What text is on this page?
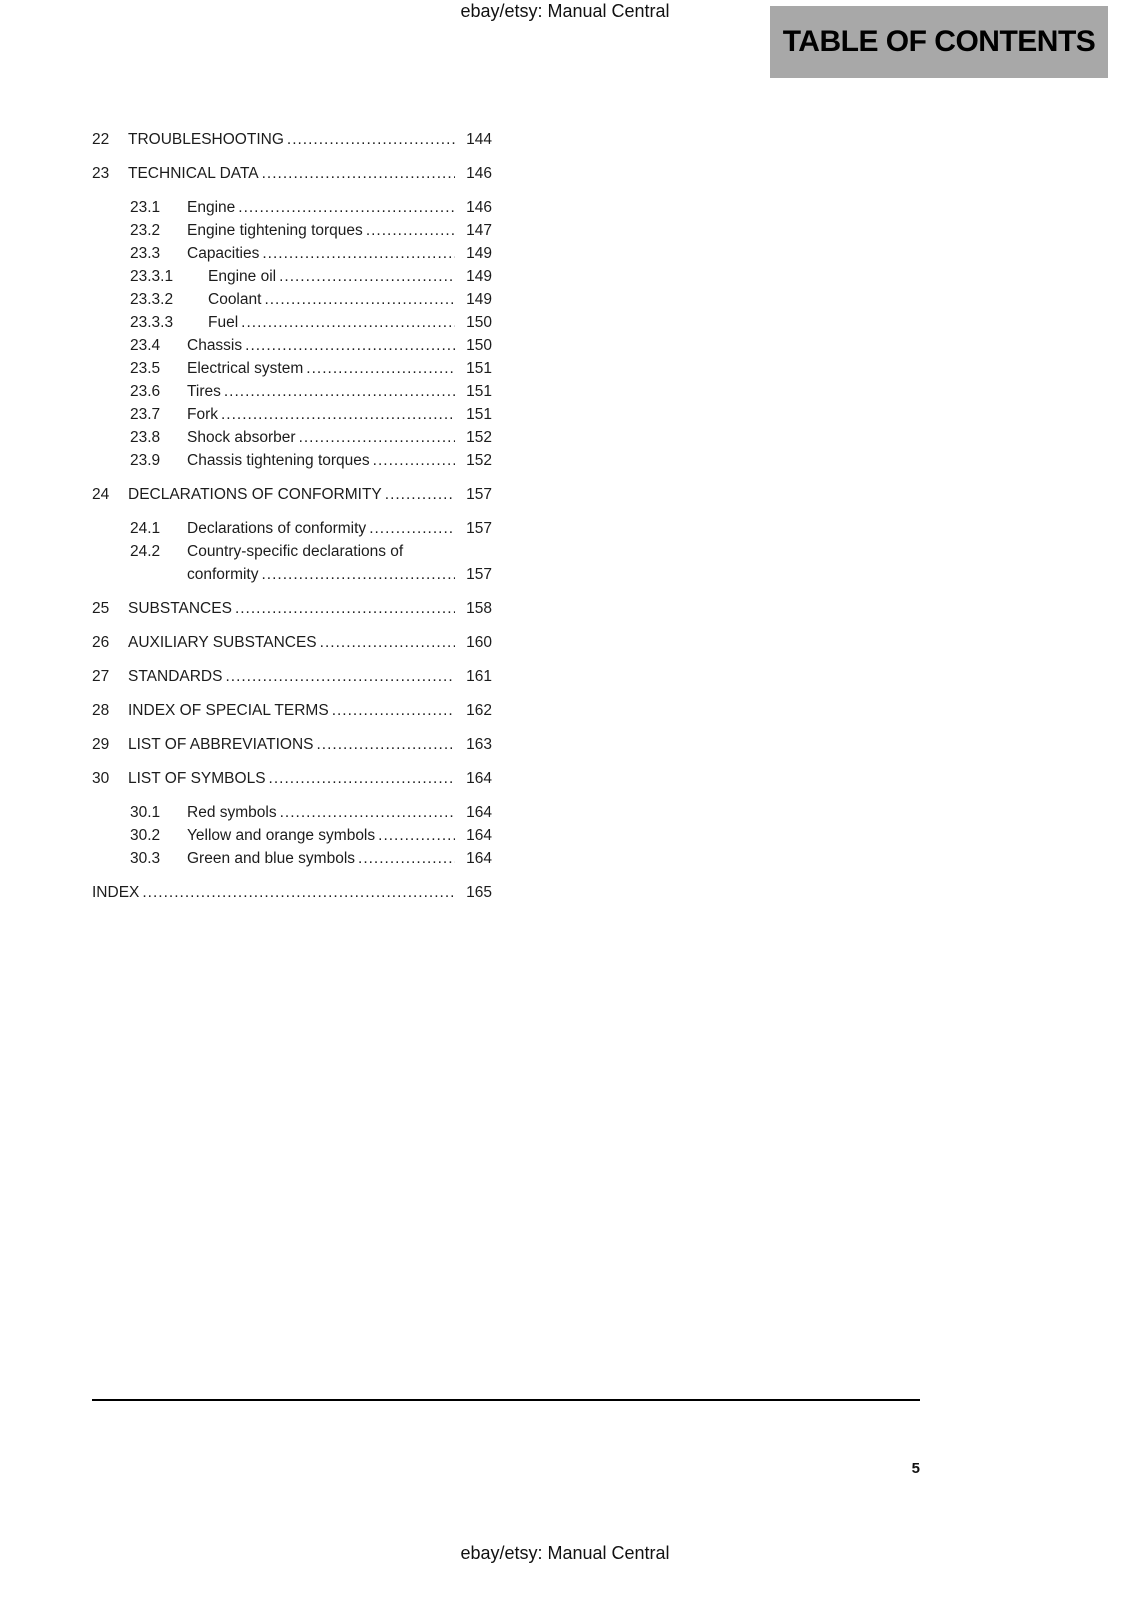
ebay/etsy: Manual Central
TABLE OF CONTENTS
22	TROUBLESHOOTING .....	144
23	TECHNICAL DATA .....	146
23.1	Engine .....	146
23.2	Engine tightening torques .....	147
23.3	Capacities .....	149
23.3.1	Engine oil .....	149
23.3.2	Coolant .....	149
23.3.3	Fuel .....	150
23.4	Chassis .....	150
23.5	Electrical system .....	151
23.6	Tires .....	151
23.7	Fork .....	151
23.8	Shock absorber .....	152
23.9	Chassis tightening torques .....	152
24	DECLARATIONS OF CONFORMITY .....	157
24.1	Declarations of conformity .....	157
24.2	Country-specific declarations of
conformity .....	157
25	SUBSTANCES .....	158
26	AUXILIARY SUBSTANCES .....	160
27	STANDARDS .....	161
28	INDEX OF SPECIAL TERMS .....	162
29	LIST OF ABBREVIATIONS .....	163
30	LIST OF SYMBOLS .....	164
30.1	Red symbols .....	164
30.2	Yellow and orange symbols .....	164
30.3	Green and blue symbols .....	164
INDEX .....	165
5
ebay/etsy: Manual Central
